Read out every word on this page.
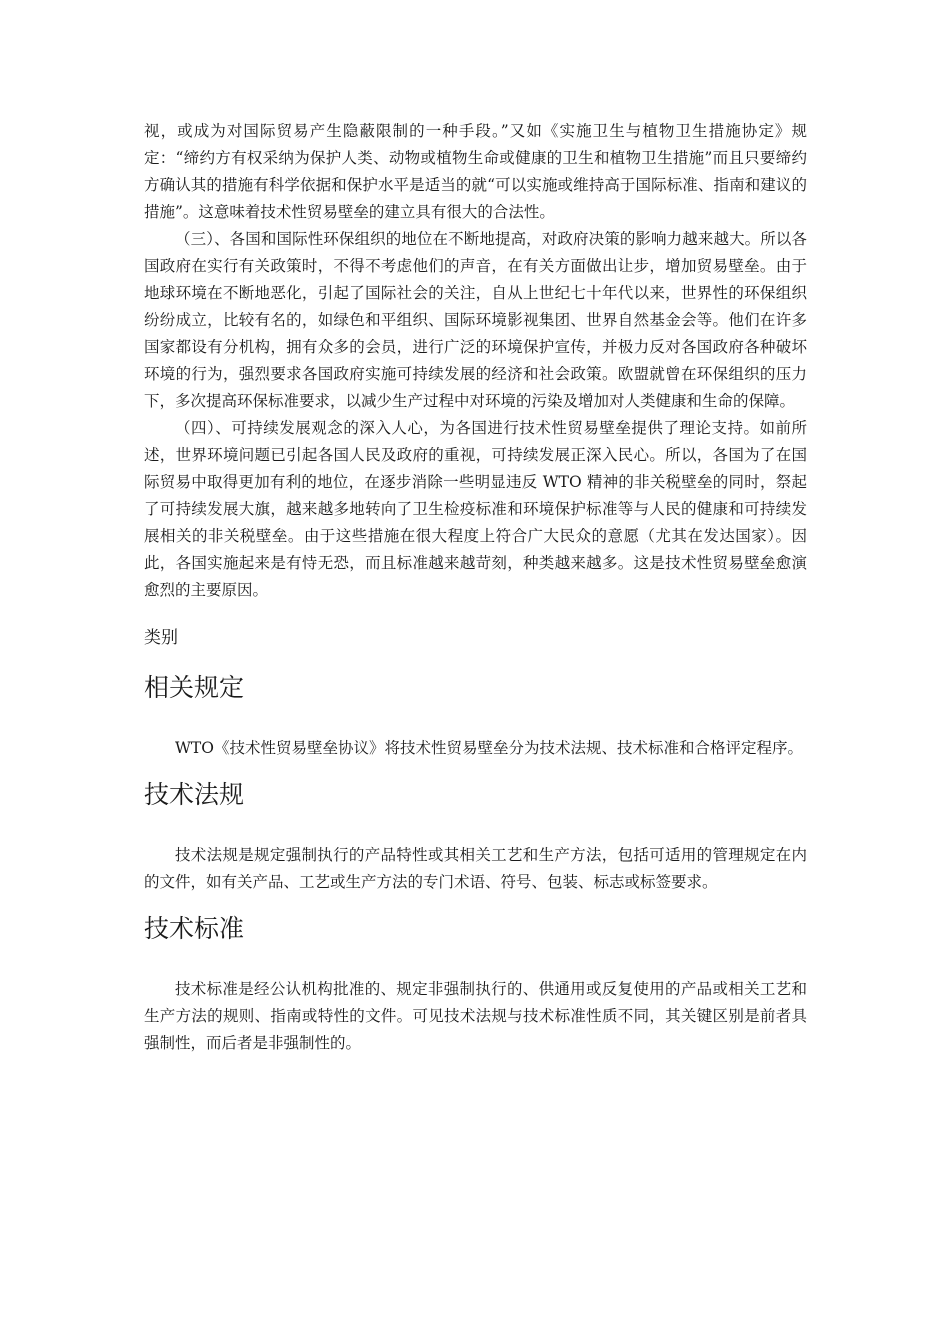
视，或成为对国际贸易产生隐蔽限制的一种手段。”又如《实施卫生与植物卫生措施协定》规定：“缔约方有权采纳为保护人类、动物或植物生命或健康的卫生和植物卫生措施”而且只要缔约方确认其的措施有科学依据和保护水平是适当的就“可以实施或维持高于国际标准、指南和建议的措施”。这意味着技术性贸易壁垒的建立具有很大的合法性。

（三）、各国和国际性环保组织的地位在不断地提高，对政府决策的影响力越来越大。所以各国政府在实行有关政策时，不得不考虑他们的声音，在有关方面做出让步，增加贸易壁垒。由于地球环境在不断地恶化，引起了国际社会的关注，自从上世纪七十年代以来，世界性的环保组织纷纷成立，比较有名的，如绿色和平组织、国际环境影视集团、世界自然基金会等。他们在许多国家都设有分机构，拥有众多的会员，进行广泛的环境保护宣传，并极力反对各国政府各种破坏环境的行为，强烈要求各国政府实施可持续发展的经济和社会政策。欧盟就曾在环保组织的压力下，多次提高环保标准要求，以减少生产过程中对环境的污染及增加对人类健康和生命的保障。

（四）、可持续发展观念的深入人心，为各国进行技术性贸易壁垒提供了理论支持。如前所述，世界环境问题已引起各国人民及政府的重视，可持续发展正深入民心。所以，各国为了在国际贸易中取得更加有利的地位，在逐步消除一些明显违反 WTO 精神的非关税壁垒的同时，祭起了可持续发展大旗，越来越多地转向了卫生检疫标准和环境保护标准等与人民的健康和可持续发展相关的非关税壁垒。由于这些措施在很大程度上符合广大民众的意愿（尤其在发达国家）。因此，各国实施起来是有恃无恐，而且标准越来越苛刻，种类越来越多。这是技术性贸易壁垒愈演愈烈的主要原因。

类别

相关规定

WTO《技术性贸易壁垒协议》将技术性贸易壁垒分为技术法规、技术标准和合格评定程序。

技术法规

技术法规是规定强制执行的产品特性或其相关工艺和生产方法，包括可适用的管理规定在内的文件，如有关产品、工艺或生产方法的专门术语、符号、包装、标志或标签要求。

技术标准

技术标准是经公认机构批准的、规定非强制执行的、供通用或反复使用的产品或相关工艺和生产方法的规则、指南或特性的文件。可见技术法规与技术标准性质不同，其关键区别是前者具强制性，而后者是非强制性的。
